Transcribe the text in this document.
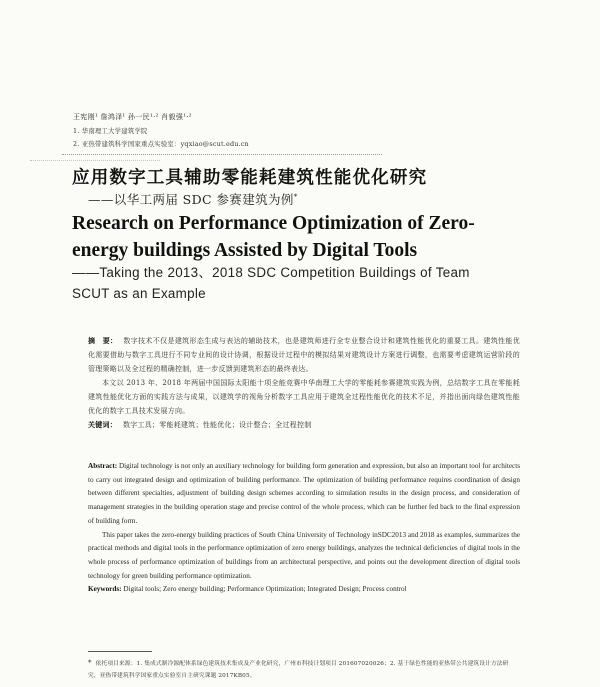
王宪刚¹ 詹鸿泽¹ 孙一民¹·² 肖毅强¹·²
1. 华南理工大学建筑学院
2. 亚热带建筑科学国家重点实验室：yqxiao@scut.edu.cn
应用数字工具辅助零能耗建筑性能优化研究
——以华工两届 SDC 参赛建筑为例*
Research on Performance Optimization of Zero-energy buildings Assisted by Digital Tools
——Taking the 2013、2018 SDC Competition Buildings of Team SCUT as an Example

摘　要： 数字技术不仅是建筑形态生成与表达的辅助技术，也是建筑师进行全专业整合设计和建筑性能优化的重要工具。建筑性能优化需要借助与数字工具进行不同专业间的设计协调，根据设计过程中的模拟结果对建筑设计方案进行调整，也需要考虑建筑运营阶段的管理策略以及全过程的精确控制，进一步反馈到建筑形态的最终表达。

本文以 2013 年、2018 年两届中国国际太阳能十项全能竞赛中华南理工大学的零能耗参赛建筑实践为例，总结数字工具在零能耗建筑性能优化方面的实践方法与成果，以建筑学的视角分析数字工具应用于建筑全过程性能优化的技术不足，并指出面向绿色建筑性能优化的数字工具技术发展方向。

关键词： 数字工具；零能耗建筑；性能优化；设计整合；全过程控制

Abstract: Digital technology is not only an auxiliary technology for building form generation and expression, but also an important tool for architects to carry out integrated design and optimization of building performance. The optimization of building performance requires coordination of design between different specialties, adjustment of building design schemes according to simulation results in the design process, and consideration of management strategies in the building operation stage and precise control of the whole process, which can be further fed back to the final expression of building form.

This paper takes the zero-energy building practices of South China University of Technology inSDC2013 and 2018 as examples, summarizes the practical methods and digital tools in the performance optimization of zero energy buildings, analyzes the technical deficiencies of digital tools in the whole process of performance optimization of buildings from an architectural perspective, and points out the development direction of digital tools technology for green building performance optimization.

Keywords: Digital tools; Zero energy building; Performance Optimization; Integrated Design; Process control

* 依托项目来源：1. 集成式制冷源配体系绿色建筑技术集成及产业化研究，广州市科技计划项目 201607020026；2. 基于绿色性能的亚热带公共建筑设计方法研究，亚热带建筑科学国家重点实验室自主研究课题 2017KB05。
